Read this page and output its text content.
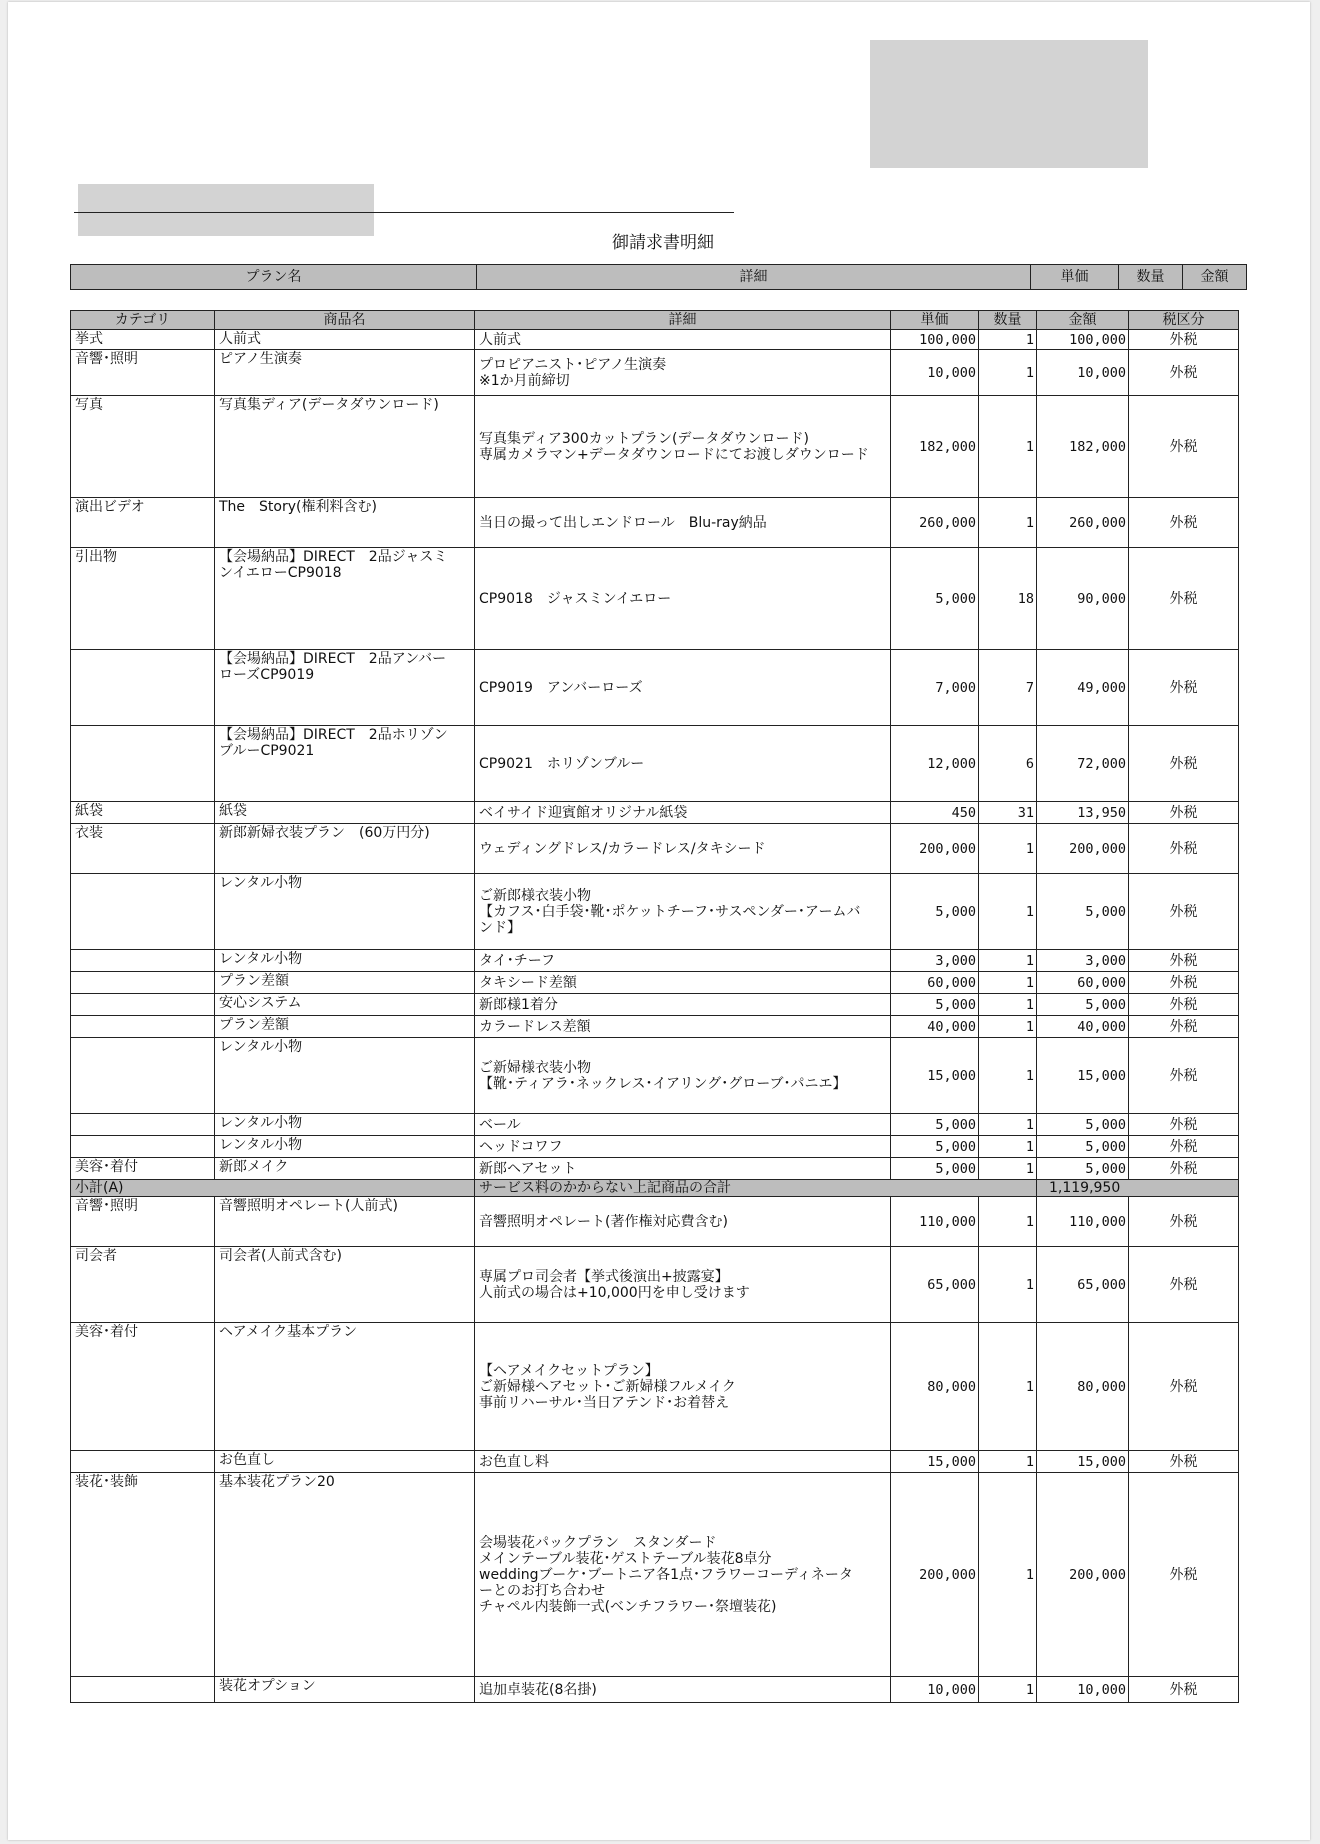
御請求書明細
プラン名	詳細	単価	数量	金額	
カテゴリ	商品名	詳細	単価	数量	金額	税区分
挙式	人前式	人前式	100,000	1	100,000	外税
音響･照明	ピアノ生演奏	プロピアニスト･ピアノ生演奏
※1か月前締切	10,000	1	10,000	外税
写真	写真集ディア(データダウンロード)	写真集ディア300カットプラン(データダウンロード)
専属カメラマン+データダウンロードにてお渡しダウンロード	182,000	1	182,000	外税
演出ビデオ	The　Story(権利料含む)	当日の撮って出しエンドロール　Blu-ray納品	260,000	1	260,000	外税
引出物	【会場納品】DIRECT　2品ジャスミ
ンイエローCP9018	CP9018　ジャスミンイエロー	5,000	18	90,000	外税
	【会場納品】DIRECT　2品アンバー
ローズCP9019	CP9019　アンバーローズ	7,000	7	49,000	外税
	【会場納品】DIRECT　2品ホリゾン
ブルーCP9021	CP9021　ホリゾンブルー	12,000	6	72,000	外税
紙袋	紙袋	ベイサイド迎賓館オリジナル紙袋	450	31	13,950	外税
衣装	新郎新婦衣装プラン　(60万円分)	ウェディングドレス/カラードレス/タキシード	200,000	1	200,000	外税
	レンタル小物	ご新郎様衣装小物
【カフス･白手袋･靴･ポケットチーフ･サスペンダー･アームバ
ンド】	5,000	1	5,000	外税
	レンタル小物	タイ･チーフ	3,000	1	3,000	外税
	プラン差額	タキシード差額	60,000	1	60,000	外税
	安心システム	新郎様1着分	5,000	1	5,000	外税
	プラン差額	カラードレス差額	40,000	1	40,000	外税
	レンタル小物	ご新婦様衣装小物
【靴･ティアラ･ネックレス･イアリング･グローブ･パニエ】	15,000	1	15,000	外税
	レンタル小物	ベール	5,000	1	5,000	外税
	レンタル小物	ヘッドコワフ	5,000	1	5,000	外税
美容･着付	新郎メイク	新郎ヘアセット	5,000	1	5,000	外税
小計(A)		サービス料のかからない上記商品の合計			1,119,950	
音響･照明	音響照明オペレート(人前式)	音響照明オペレート(著作権対応費含む)	110,000	1	110,000	外税
司会者	司会者(人前式含む)	専属プロ司会者【挙式後演出+披露宴】
人前式の場合は+10,000円を申し受けます	65,000	1	65,000	外税
美容･着付	ヘアメイク基本プラン	【ヘアメイクセットプラン】
ご新婦様ヘアセット･ご新婦様フルメイク
事前リハーサル･当日アテンド･お着替え	80,000	1	80,000	外税
	お色直し	お色直し料	15,000	1	15,000	外税
装花･装飾	基本装花プラン20	会場装花パックプラン　スタンダード
メインテーブル装花･ゲストテーブル装花8卓分
weddingブーケ･ブートニア各1点･フラワーコーディネータ
ーとのお打ち合わせ
チャペル内装飾一式(ベンチフラワー･祭壇装花)	200,000	1	200,000	外税
	装花オプション	追加卓装花(8名掛)	10,000	1	10,000	外税
